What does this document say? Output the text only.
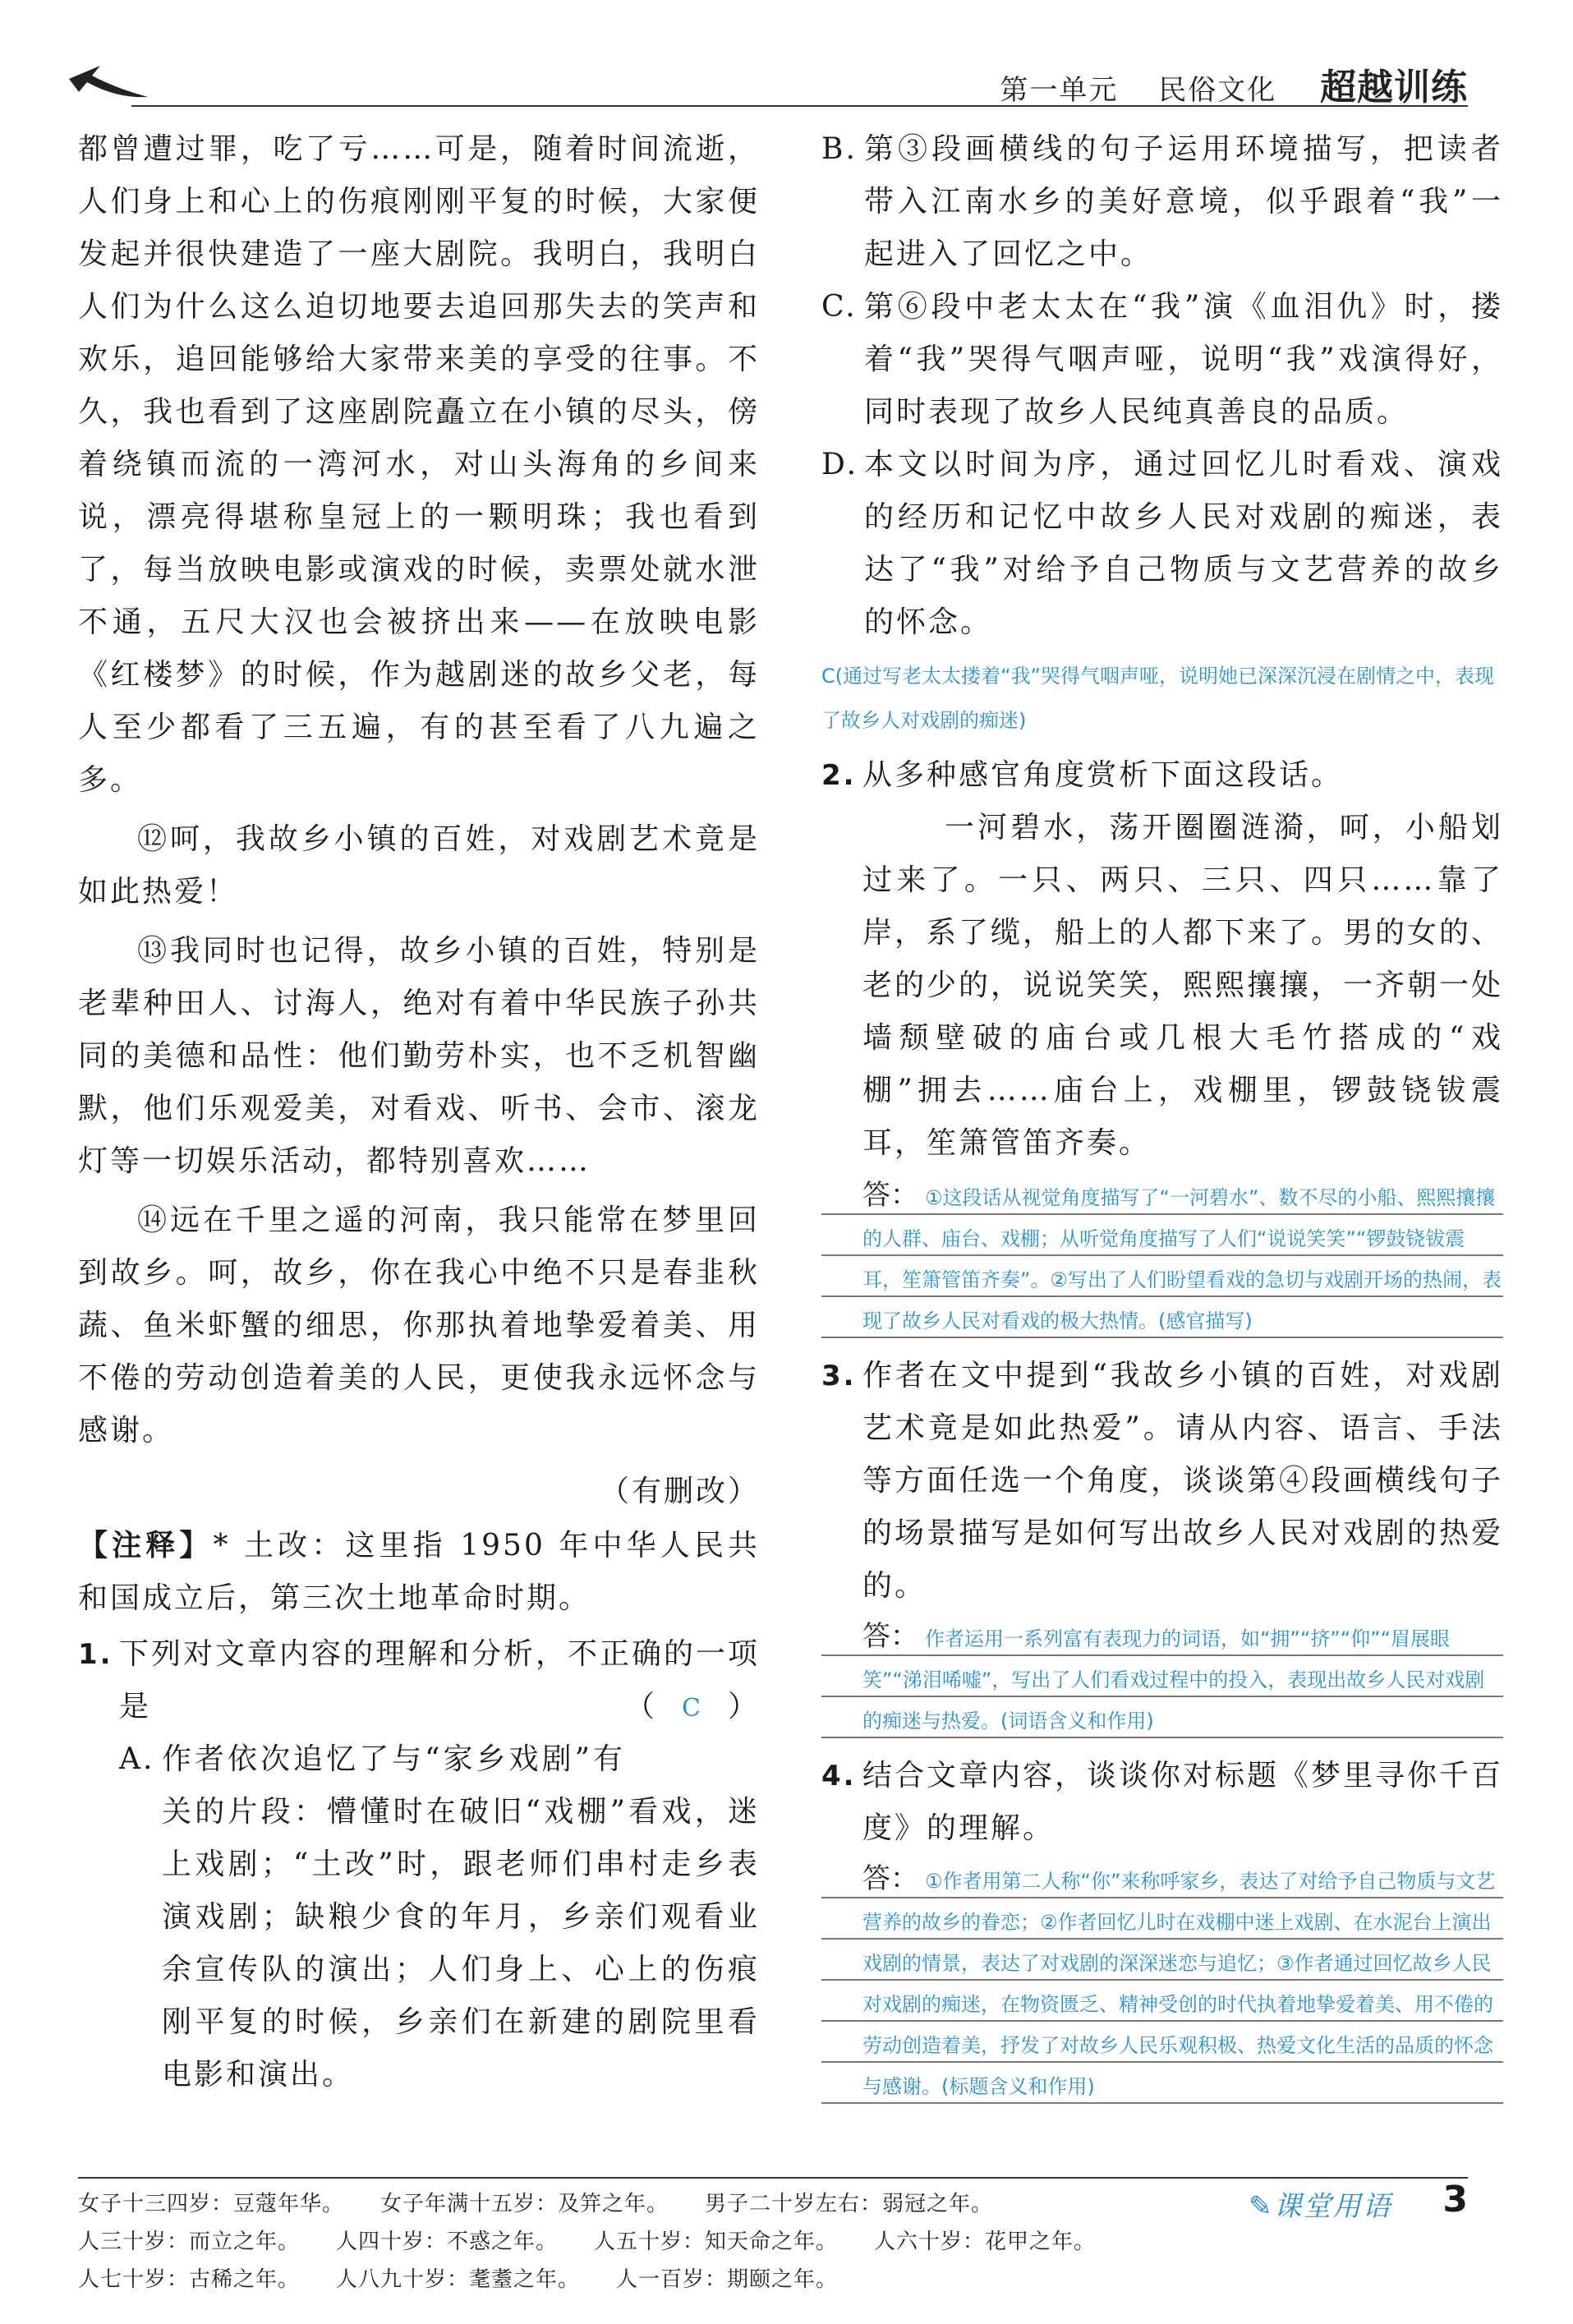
第一单元 民俗文化 超越训练

都曾遭过罪，吃了亏……可是，随着时间流逝，人们身上和心上的伤痕刚刚平复的时候，大家便发起并很快建造了一座大剧院。我明白，我明白人们为什么这么迫切地要去追回那失去的笑声和欢乐，追回能够给大家带来美的享受的往事。不久，我也看到了这座剧院矗立在小镇的尽头，傍着绕镇而流的一湾河水，对山头海角的乡间来说，漂亮得堪称皇冠上的一颗明珠；我也看到了，每当放映电影或演戏的时候，卖票处就水泄不通，五尺大汉也会被挤出来——在放映电影《红楼梦》的时候，作为越剧迷的故乡父老，每人至少都看了三五遍，有的甚至看了八九遍之多。

⑫呵，我故乡小镇的百姓，对戏剧艺术竟是如此热爱！

⑬我同时也记得，故乡小镇的百姓，特别是老辈种田人、讨海人，绝对有着中华民族子孙共同的美德和品性：他们勤劳朴实，也不乏机智幽默，他们乐观爱美，对看戏、听书、会市、滚龙灯等一切娱乐活动，都特别喜欢……

⑭远在千里之遥的河南，我只能常在梦里回到故乡。呵，故乡，你在我心中绝不只是春韭秋蔬、鱼米虾蟹的细思，你那执着地挚爱着美、用不倦的劳动创造着美的人民，更使我永远怀念与感谢。

（有删改）

【注释】* 土改：这里指 1950 年中华人民共和国成立后，第三次土地革命时期。

1. 下列对文章内容的理解和分析，不正确的一项是	（ C ）
A. 作者依次追忆了与“家乡戏剧”有关的片段：懵懂时在破旧“戏棚”看戏，迷上戏剧；“土改”时，跟老师们串村走乡表演戏剧；缺粮少食的年月，乡亲们观看业余宣传队的演出；人们身上、心上的伤痕刚平复的时候，乡亲们在新建的剧院里看电影和演出。
B. 第③段画横线的句子运用环境描写，把读者带入江南水乡的美好意境，似乎跟着“我”一起进入了回忆之中。
C. 第⑥段中老太太在“我”演《血泪仇》时，搂着“我”哭得气咽声哑，说明“我”戏演得好，同时表现了故乡人民纯真善良的品质。
D. 本文以时间为序，通过回忆儿时看戏、演戏的经历和记忆中故乡人民对戏剧的痴迷，表达了“我”对给予自己物质与文艺营养的故乡的怀念。

C(通过写老太太搂着“我”哭得气咽声哑，说明她已深深沉浸在剧情之中，表现了故乡人对戏剧的痴迷)

2. 从多种感官角度赏析下面这段话。

一河碧水，荡开圈圈涟漪，呵，小船划过来了。一只、两只、三只、四只……靠了岸，系了缆，船上的人都下来了。男的女的、老的少的，说说笑笑，熙熙攘攘，一齐朝一处墙颓壁破的庙台或几根大毛竹搭成的“戏棚”拥去……庙台上，戏棚里，锣鼓铙钹震耳，笙箫管笛齐奏。

答： ①这段话从视觉角度描写了“一河碧水”、数不尽的小船、熙熙攘攘的人群、庙台、戏棚；从听觉角度描写了人们“说说笑笑”“锣鼓铙钹震耳，笙箫管笛齐奏”。②写出了人们盼望看戏的急切与戏剧开场的热闹，表现了故乡人民对看戏的极大热情。(感官描写)
3. 作者在文中提到“我故乡小镇的百姓，对戏剧艺术竟是如此热爱”。请从内容、语言、手法等方面任选一个角度，谈谈第④段画横线句子的场景描写是如何写出故乡人民对戏剧的热爱的。
答： 作者运用一系列富有表现力的词语，如“拥”“挤”“仰”“眉展眼笑”“涕泪唏嘘”，写出了人们看戏过程中的投入，表现出故乡人民对戏剧的痴迷与热爱。(词语含义和作用)
4. 结合文章内容，谈谈你对标题《梦里寻你千百度》的理解。
答： ①作者用第二人称“你”来称呼家乡，表达了对给予自己物质与文艺营养的故乡的眷恋；②作者回忆儿时在戏棚中迷上戏剧、在水泥台上演出戏剧的情景，表达了对戏剧的深深迷恋与追忆；③作者通过回忆故乡人民对戏剧的痴迷，在物资匮乏、精神受创的时代执着地挚爱着美、用不倦的劳动创造着美，抒发了对故乡人民乐观积极、热爱文化生活的品质的怀念与感谢。(标题含义和作用)
女子十三四岁：豆蔻年华。 女子年满十五岁：及笄之年。 男子二十岁左右：弱冠之年。
人三十岁：而立之年。 人四十岁：不惑之年。 人五十岁：知天命之年。 人六十岁：花甲之年。
人七十岁：古稀之年。 人八九十岁：耄耋之年。 人一百岁：期颐之年。
✎课堂用语 3
